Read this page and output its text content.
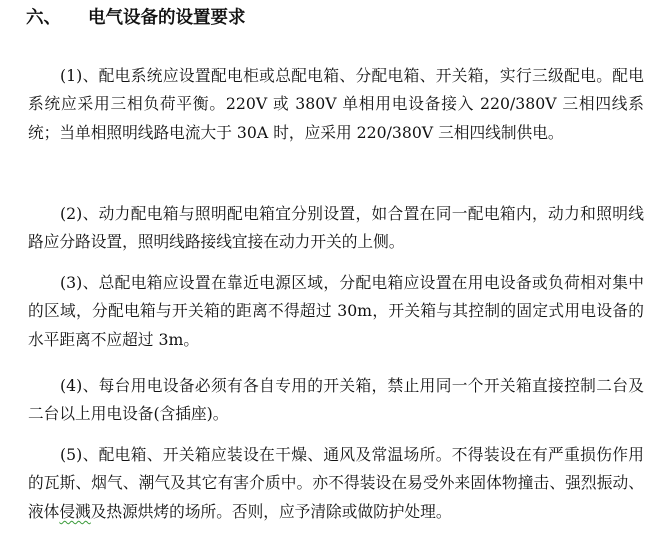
六、 电气设备的设置要求
(1)、配电系统应设置配电柜或总配电箱、分配电箱、开关箱，实行三级配电。配电系统应采用三相负荷平衡。220V 或 380V 单相用电设备接入 220/380V 三相四线系统；当单相照明线路电流大于 30A 时，应采用 220/380V 三相四线制供电。
(2)、动力配电箱与照明配电箱宜分别设置，如合置在同一配电箱内，动力和照明线路应分路设置，照明线路接线宜接在动力开关的上侧。
(3)、总配电箱应设置在靠近电源区域，分配电箱应设置在用电设备或负荷相对集中的区域，分配电箱与开关箱的距离不得超过 30m，开关箱与其控制的固定式用电设备的水平距离不应超过 3m。
(4)、每台用电设备必须有各自专用的开关箱，禁止用同一个开关箱直接控制二台及二台以上用电设备(含插座)。
(5)、配电箱、开关箱应装设在干燥、通风及常温场所。不得装设在有严重损伤作用的瓦斯、烟气、潮气及其它有害介质中。亦不得装设在易受外来固体物撞击、强烈振动、液体侵溅及热源烘烤的场所。否则，应予清除或做防护处理。
